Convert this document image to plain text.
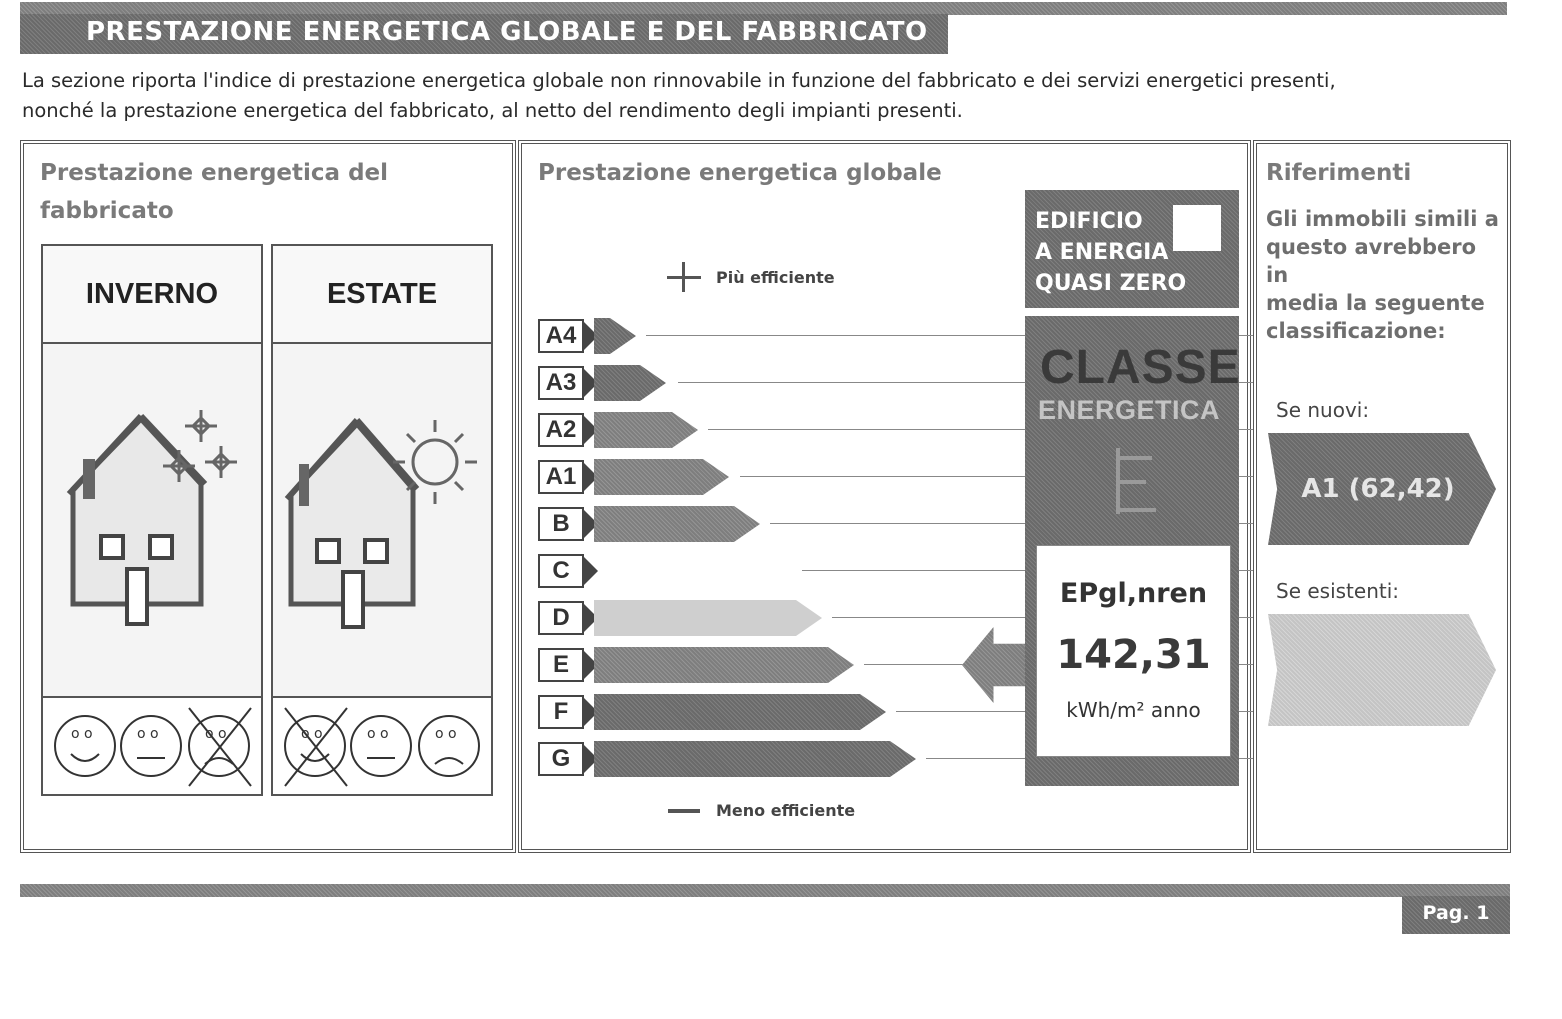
PRESTAZIONE ENERGETICA GLOBALE E DEL FABBRICATO
La sezione riporta l'indice di prestazione energetica globale non rinnovabile in funzione del fabbricato e dei servizi energetici presenti,
nonché la prestazione energetica del fabbricato, al netto del rendimento degli impianti presenti.
Prestazione energetica del
fabbricato
INVERNO
o o	o o	o o
ESTATE
o o	o o	o o
Prestazione energetica globale
Più efficiente
A4
A3
A2
A1
B
C
D
E
F
G
Meno efficiente
EDIFICIO
A ENERGIA
QUASI ZERO
CLASSE
ENERGETICA
EPgl,nren
142,31
kWh/m² anno
Riferimenti
Gli immobili simili a
questo avrebbero in
media la seguente
classificazione:
Se nuovi:
A1 (62,42)
Se esistenti:
Pag. 1
